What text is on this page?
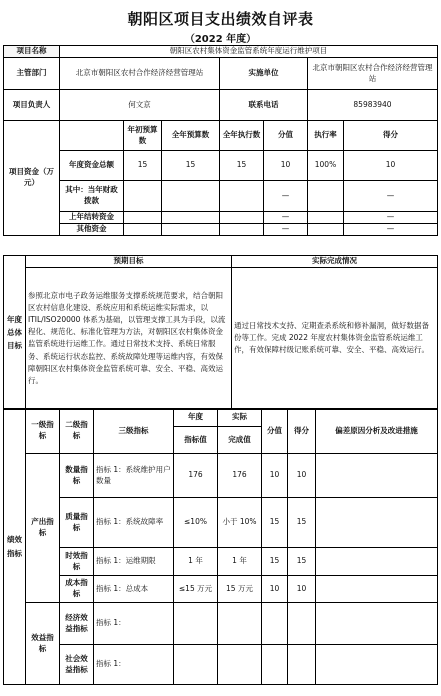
朝阳区项目支出绩效自评表
（2022 年度）
项目名称	朝阳区农村集体资金监管系统年度运行维护项目						
主管部门	北京市朝阳区农村合作经济经营管理站			实施单位		北京市朝阳区农村合作经济经营管理站	
项目负责人	何文京			联系电话		85983940	
项目资金（万元）		年初预算数	全年预算数	全年执行数	分值	执行率	得分
	年度资金总额	15	15	15	10	100%	10
	其中：当年财政拨款				—		—
	上年结转资金				—		—
	其他资金				—		—
年度总体目标	预期目标	实际完成情况
	参照北京市电子政务运维服务支撑系统规范要求，结合朝阳区农村信息化建设、系统应用和系统运维实际需求，以 ITIL/ISO20000 体系为基础，以管理支撑工具为手段，以流程化、规范化、标准化管理为方法，对朝阳区农村集体资金监管系统进行运维工作。通过日常技术支持、系统日常服务、系统运行状态监控、系统故障处理等运维内容，有效保障朝阳区农村集体资金监管系统可靠、安全、平稳、高效运行。	通过日常技术支持、定期查杀系统和修补漏洞，做好数据备份等工作。完成 2022 年度农村集体资金监管系统运维工作，有效保障村级记账系统可靠、安全、平稳、高效运行。
绩效指标	一级指标	二级指标	三级指标	年度	实际	分值	得分	偏差原因分析及改进措施
				指标值	完成值			
	产出指标	数量指标	指标 1：系统维护用户数量	176	176	10	10	
		质量指标	指标 1：系统故障率	≤10%	小于 10%	15	15	
		时效指标	指标 1：运维期限	1 年	1 年	15	15	
		成本指标	指标 1：总成本	≤15 万元	15 万元	10	10	
	效益指标	经济效益指标	指标 1：					
		社会效益指标	指标 1：					
